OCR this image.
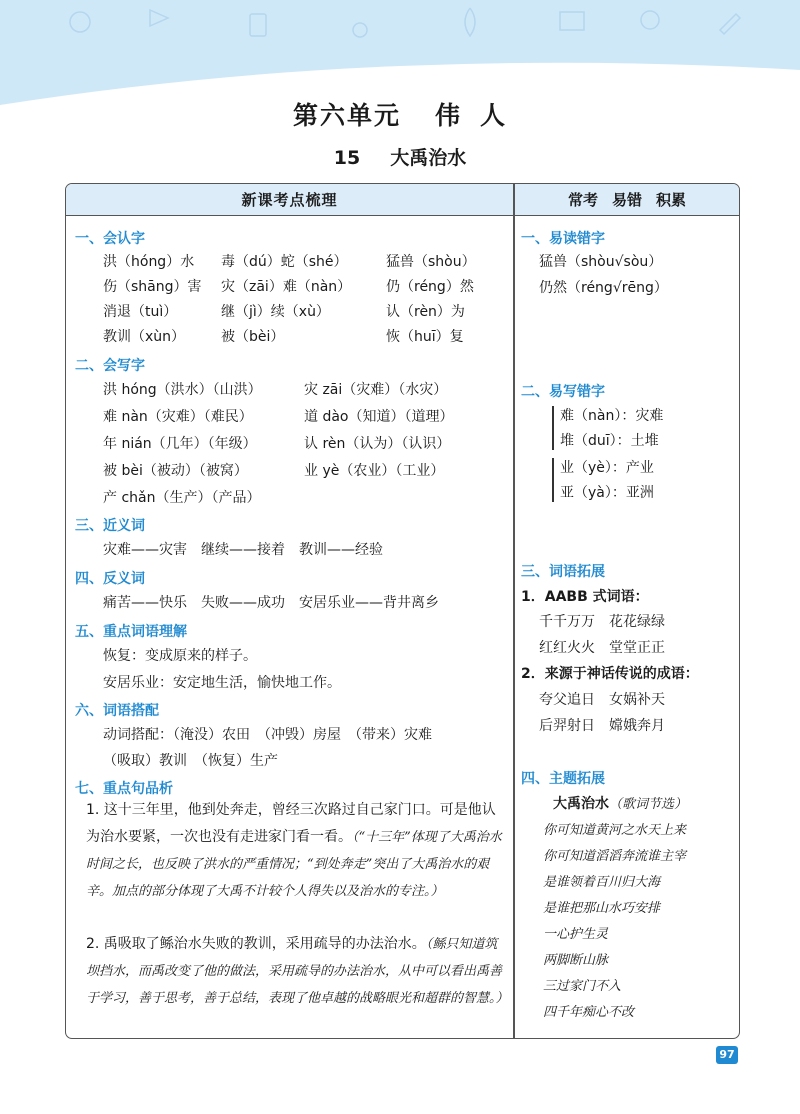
第六单元 伟 人
15 大禹治水
新课考点梳理	常考 易错 积累
一、会认字
洪（hóng）水 毒（dú）蛇（shé）	猛兽（shòu）
伤（shāng）害 灾（zāi）难（nàn） 仍（réng）然
消退（tuì）	继（jì）续（xù）	认（rèn）为
教训（xùn）	被（bèi）	恢（huī）复
二、会写字
洪 hóng（洪水）（山洪）	灾 zāi（灾难）（水灾）
难 nàn（灾难）（难民）	道 dào（知道）（道理）
年 nián（几年）（年级）	认 rèn（认为）（认识）
被 bèi（被动）（被窝）	业 yè（农业）（工业）
产 chǎn（生产）（产品）
三、近义词
灾难——灾害　继续——接着　教训——经验
四、反义词
痛苦——快乐　失败——成功　安居乐业——背井离乡
五、重点词语理解
恢复：变成原来的样子。
安居乐业：安定地生活，愉快地工作。
六、词语搭配
动词搭配：（淹没）农田　（冲毁）房屋　（带来）灾难
（吸取）教训　（恢复）生产
七、重点句品析
1. 这十三年里，他到处奔走，曾经三次路过自己家门口。可是他认为治水要紧，一次也没有走进家门看一看。（“十三年”体现了大禹治水时间之长，也反映了洪水的严重情况；“到处奔走”突出了大禹治水的艰辛。加点的部分体现了大禹不计较个人得失以及治水的专注。）
2. 禹吸取了鲧治水失败的教训，采用疏导的办法治水。（鲧只知道筑坝挡水，而禹改变了他的做法，采用疏导的办法治水，从中可以看出禹善于学习，善于思考，善于总结，表现了他卓越的战略眼光和超群的智慧。）
一、易读错字
猛兽（shòu√sòu）
仍然（réng√rēng）
二、易写错字
难（nàn）：灾难
堆（duī）：土堆
业（yè）：产业
亚（yà）：亚洲
三、词语拓展
1．AABB 式词语：
千千万万　花花绿绿
红红火火　堂堂正正
2．来源于神话传说的成语：
夸父追日　女娲补天
后羿射日　嫦娥奔月
四、主题拓展
大禹治水（歌词节选）
你可知道黄河之水天上来
你可知道滔滔奔流谁主宰
是谁领着百川归大海
是谁把那山水巧安排
一心护生灵
两脚断山脉
三过家门不入
四千年痴心不改
97
